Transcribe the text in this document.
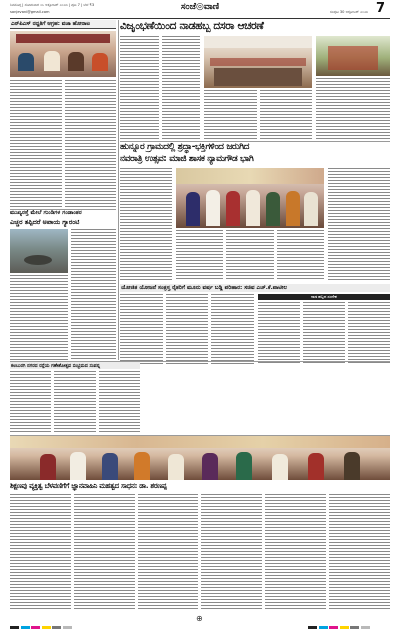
ಶಿವಮೊಗ್ಗ | ಸೋಮವಾರ ೦೩ ಅಕ್ಟೋಬರ್ ೨೦೨೫ | ಪುಟ 7 | ಬೆಲೆ ₹3
sanjevani@gmail.com	ಸಂಜೆ◎ವಾಣಿ	ಸಂಪುಟ 30 ಅಕ್ಟೋಬರ್ ೨೦೨೫ 7
ಎನ್‌ಪಿಎಸ್ ರದ್ದತಿಗೆ ಆಗ್ರಹ: ವಜಾ ಹೋರಾಟ	ವಿಜೃಂಭಣೆಯಿಂದ ನಾಡಹಬ್ಬ ದಸರಾ ಆಚರಣೆ
ಹುನ್ನೂರ ಗ್ರಾಮದಲ್ಲಿ ಶ್ರದ್ಧಾ-ಭಕ್ತಿಗಳಿಂದ ಜರುಗಿದ
ನವರಾತ್ರಿ ಉತ್ಸವ: ಮಾಜಿ ಶಾಸಕ ನ್ಯಾಮಗೌಡ ಭಾಗಿ
ಮುಖ್ಯರಸ್ತೆ ಮೇಲೆ ಗುಂಡಿಗಳ ಗಂಡಾಂತರ
ಎಚ್ಚರ ತಪ್ಪಿದರೆ ಅಪಾಯ ಗ್ಯಾರಂಟಿ
ಯೋಜಿತ ಯೋಜನೆ ಸಂತ್ರಸ್ತ ರೈತರಿಗೆ ಮೂರು ವರ್ಷ ಬಡ್ಡಿ ಪರಿಹಾರ: ಸಚಿವ ಎಚ್.ಕೆ.ಪಾಟೀಲ
ನಾಡ ಹಬ್ಬದ ಸಂದೇಶ
ಕಲಬುರಗಿ ನಗರದ ರಸ್ತೆಯ ಗಣೇಶೋತ್ಸವ ಸಂಭ್ರಮದ ಸಂಪನ್ನ
ಶಿಕ್ಷಣವು ವ್ಯಕ್ತಿತ್ವ ಬೆಳವಣಿಗೆಗೆ ಜ್ಞಾನವಾಹಿನಿ ಮಹತ್ವದ ಸಾಧನ: ಡಾ. ಶರಣಪ್ಪ
⊕
